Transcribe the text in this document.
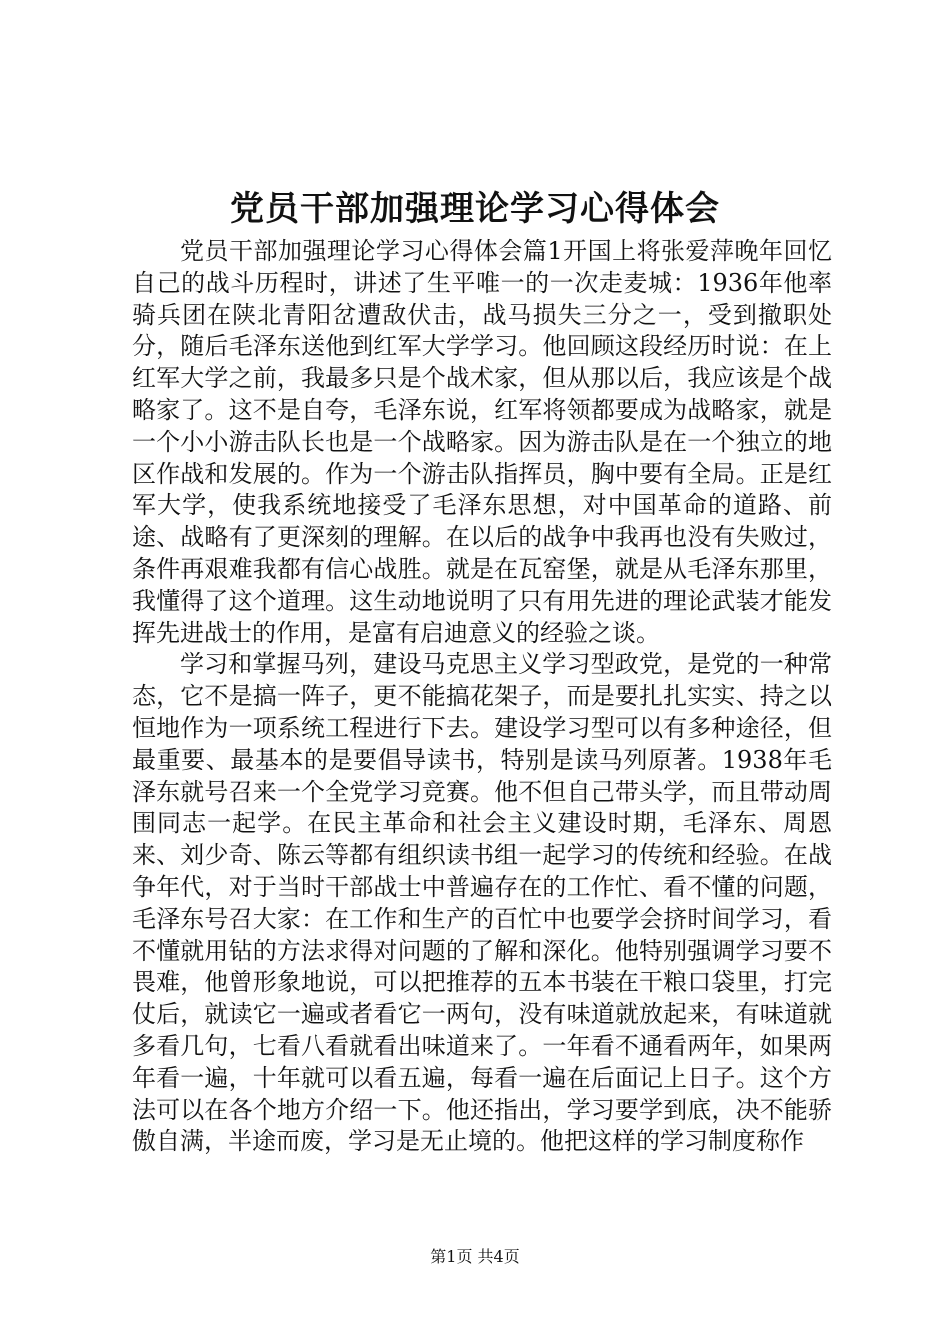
党员干部加强理论学习心得体会

党员干部加强理论学习心得体会篇1开国上将张爱萍晚年回忆自己的战斗历程时，讲述了生平唯一的一次走麦城：1936年他率骑兵团在陕北青阳岔遭敌伏击，战马损失三分之一，受到撤职处分，随后毛泽东送他到红军大学学习。他回顾这段经历时说：在上红军大学之前，我最多只是个战术家，但从那以后，我应该是个战略家了。这不是自夸，毛泽东说，红军将领都要成为战略家，就是一个小小游击队长也是一个战略家。因为游击队是在一个独立的地区作战和发展的。作为一个游击队指挥员，胸中要有全局。正是红军大学，使我系统地接受了毛泽东思想，对中国革命的道路、前途、战略有了更深刻的理解。在以后的战争中我再也没有失败过，条件再艰难我都有信心战胜。就是在瓦窑堡，就是从毛泽东那里，我懂得了这个道理。这生动地说明了只有用先进的理论武装才能发挥先进战士的作用，是富有启迪意义的经验之谈。

学习和掌握马列，建设马克思主义学习型政党，是党的一种常态，它不是搞一阵子，更不能搞花架子，而是要扎扎实实、持之以恒地作为一项系统工程进行下去。建设学习型可以有多种途径，但最重要、最基本的是要倡导读书，特别是读马列原著。1938年毛泽东就号召来一个全党学习竞赛。他不但自己带头学，而且带动周围同志一起学。在民主革命和社会主义建设时期，毛泽东、周恩来、刘少奇、陈云等都有组织读书组一起学习的传统和经验。在战争年代，对于当时干部战士中普遍存在的工作忙、看不懂的问题，毛泽东号召大家：在工作和生产的百忙中也要学会挤时间学习，看不懂就用钻的方法求得对问题的了解和深化。他特别强调学习要不畏难，他曾形象地说，可以把推荐的五本书装在干粮口袋里，打完仗后，就读它一遍或者看它一两句，没有味道就放起来，有味道就多看几句，七看八看就看出味道来了。一年看不通看两年，如果两年看一遍，十年就可以看五遍，每看一遍在后面记上日子。这个方法可以在各个地方介绍一下。他还指出，学习要学到底，决不能骄傲自满，半途而废，学习是无止境的。他把这样的学习制度称作

第1页 共4页
